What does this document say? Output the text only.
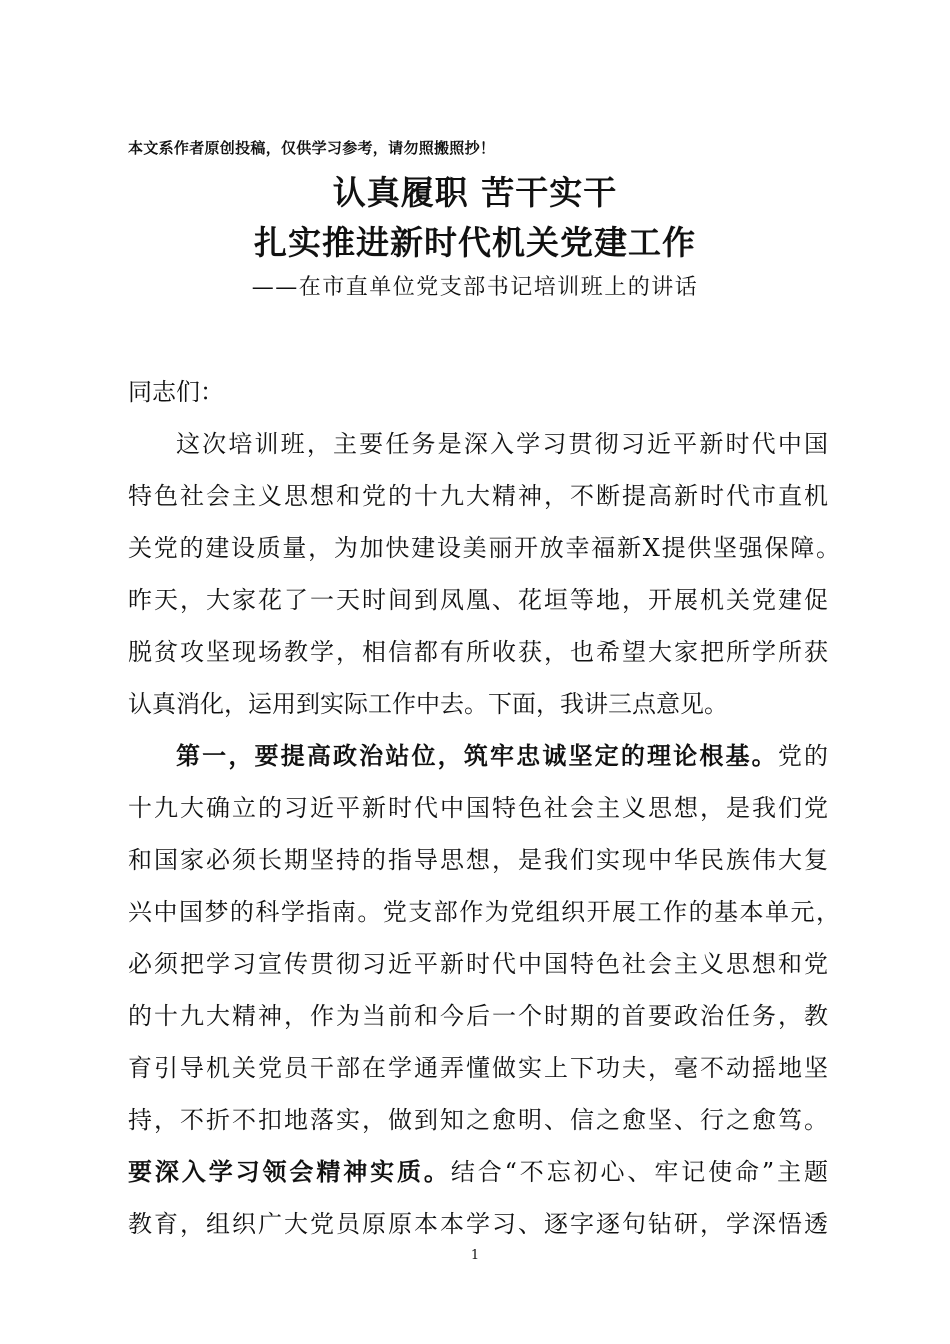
本文系作者原创投稿，仅供学习参考，请勿照搬照抄！
认真履职 苦干实干
扎实推进新时代机关党建工作
——在市直单位党支部书记培训班上的讲话
同志们：
这次培训班，主要任务是深入学习贯彻习近平新时代中国
特色社会主义思想和党的十九大精神，不断提高新时代市直机
关党的建设质量，为加快建设美丽开放幸福新X提供坚强保障。
昨天，大家花了一天时间到凤凰、花垣等地，开展机关党建促
脱贫攻坚现场教学，相信都有所收获，也希望大家把所学所获
认真消化，运用到实际工作中去。下面，我讲三点意见。
第一，要提高政治站位，筑牢忠诚坚定的理论根基。党的
十九大确立的习近平新时代中国特色社会主义思想，是我们党
和国家必须长期坚持的指导思想，是我们实现中华民族伟大复
兴中国梦的科学指南。党支部作为党组织开展工作的基本单元，
必须把学习宣传贯彻习近平新时代中国特色社会主义思想和党
的十九大精神，作为当前和今后一个时期的首要政治任务，教
育引导机关党员干部在学通弄懂做实上下功夫，毫不动摇地坚
持，不折不扣地落实，做到知之愈明、信之愈坚、行之愈笃。
要深入学习领会精神实质。结合“不忘初心、牢记使命”主题
教育，组织广大党员原原本本学习、逐字逐句钻研，学深悟透
1
